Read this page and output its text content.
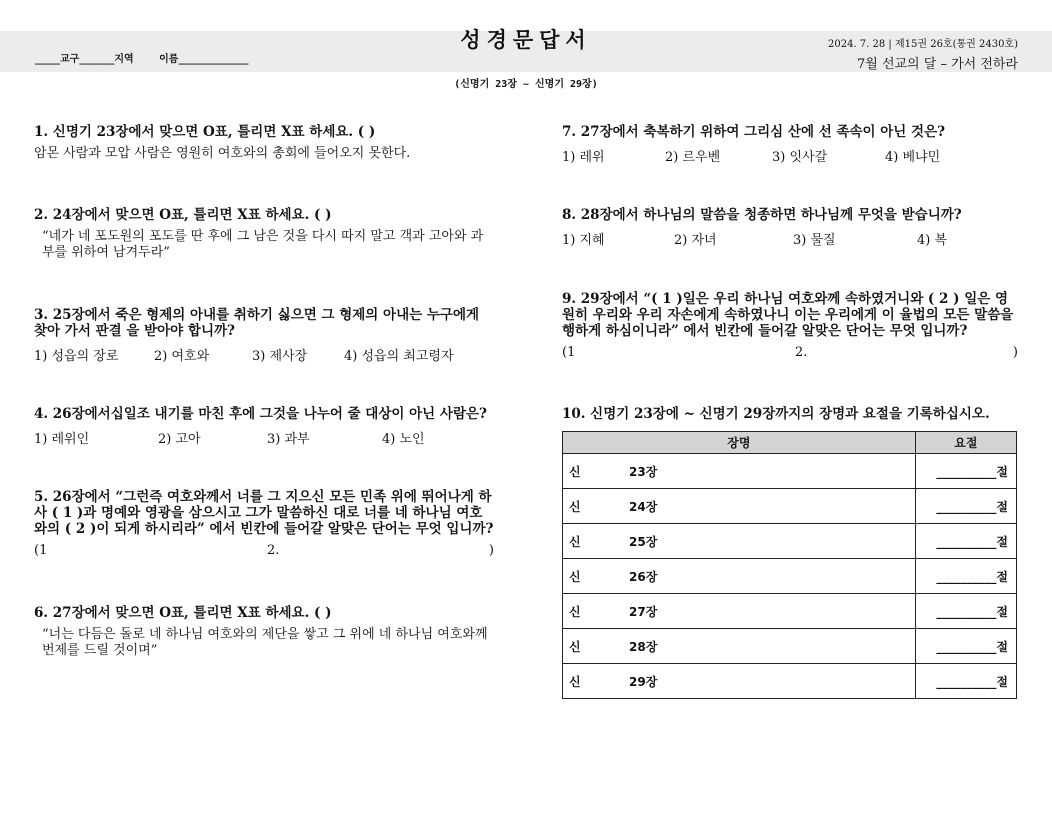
성경문답서
_____교구_______지역	이름______________
2024. 7. 28 | 제15권 26호(통권 2430호)
7월 선교의 달 – 가서 전하라
(신명기 23장 ~ 신명기 29장)

1. 신명기 23장에서 맞으면 O표, 틀리면 X표 하세요. ( )

암몬 사람과 모압 사람은 영원히 여호와의 총회에 들어오지 못한다.

2. 24장에서 맞으면 O표, 틀리면 X표 하세요. ( )

“네가 네 포도원의 포도를 딴 후에 그 남은 것을 다시 따지 말고 객과 고아와 과부를 위하여 남겨두라”

3. 25장에서 죽은 형제의 아내를 취하기 싫으면 그 형제의 아내는 누구에게 찾아 가서 판결 을 받아야 합니까?

1) 성읍의 장로	2) 여호와	3) 제사장	4) 성읍의 최고령자

4. 26장에서십일조 내기를 마친 후에 그것을 나누어 줄 대상이 아닌 사람은?

1) 레위인	2) 고아	3) 과부	4) 노인

5. 26장에서 “그런즉 여호와께서 너를 그 지으신 모든 민족 위에 뛰어나게 하사 ( 1 )과 명예와 영광을 삼으시고 그가 말씀하신 대로 너를 네 하나님 여호와의 ( 2 )이 되게 하시리라” 에서 빈칸에 들어갈 알맞은 단어는 무엇 입니까?

(1	2.	)

6. 27장에서 맞으면 O표, 틀리면 X표 하세요. ( )

“너는 다듬은 돌로 네 하나님 여호와의 제단을 쌓고 그 위에 네 하나님 여호와께 번제를 드릴 것이며”

7. 27장에서 축복하기 위하여 그리심 산에 선 족속이 아닌 것은?

1) 레위	2) 르우벤	3) 잇사갈	4) 베냐민

8. 28장에서 하나님의 말씀을 청종하면 하나님께 무엇을 받습니까?

1) 지혜	2) 자녀	3) 물질	4) 복

9. 29장에서 “( 1 )일은 우리 하나님 여호와께 속하였거니와 ( 2 ) 일은 영원히 우리와 우리 자손에게 속하였나니 이는 우리에게 이 율법의 모든 말씀을 행하게 하심이니라” 에서 빈칸에 들어갈 알맞은 단어는 무엇 입니까?

(1	2.	)

10. 신명기 23장에 ~ 신명기 29장까지의 장명과 요절을 기록하십시오.

장명	요절
신 23장	__________절
신 24장	__________절
신 25장	__________절
신 26장	__________절
신 27장	__________절
신 28장	__________절
신 29장	__________절
